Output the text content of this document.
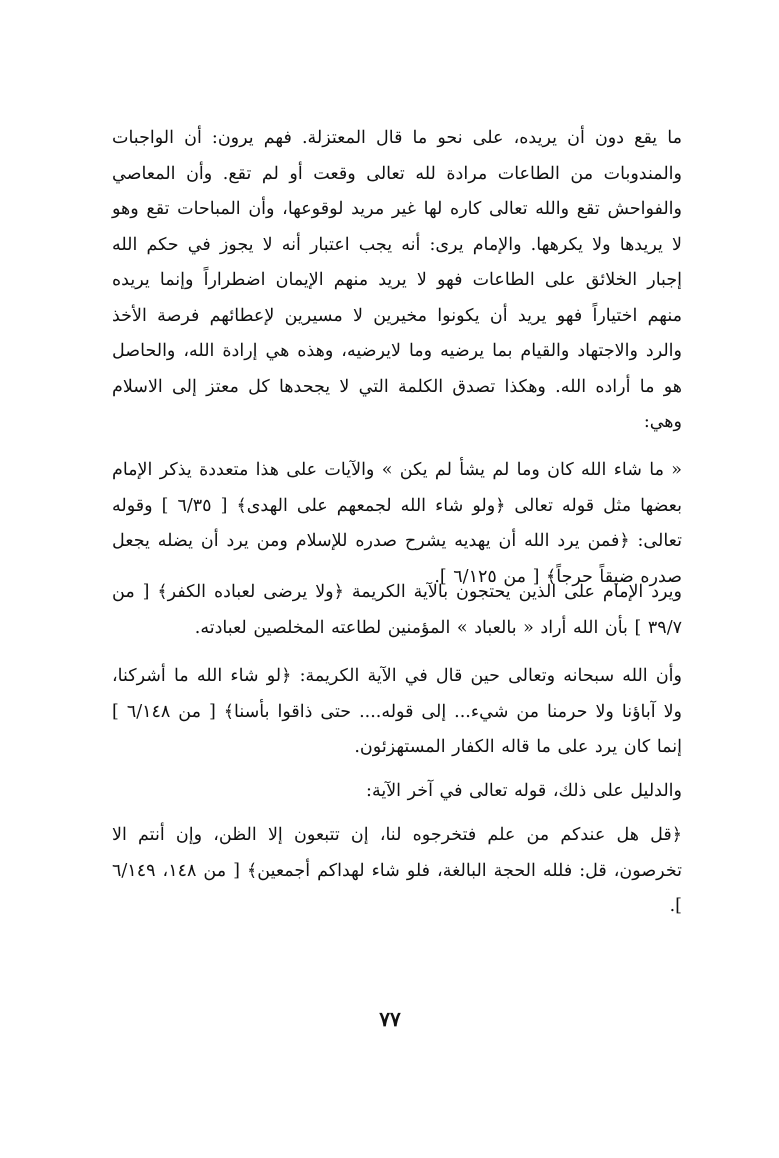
ما يقع دون أن يريده، على نحو ما قال المعتزلة. فهم يرون: أن الواجبات والمندوبات من الطاعات مرادة لله تعالى وقعت أو لم تقع. وأن المعاصي والفواحش تقع والله تعالى كاره لها غير مريد لوقوعها، وأن المباحات تقع وهو لا يريدها ولا يكرهها. والإمام يرى: أنه يجب اعتبار أنه لا يجوز في حكم الله إجبار الخلائق على الطاعات فهو لا يريد منهم الإيمان اضطراراً وإنما يريده منهم اختياراً فهو يريد أن يكونوا مخيرين لا مسيرين لإعطائهم فرصة الأخذ والرد والاجتهاد والقيام بما يرضيه وما لايرضيه، وهذه هي إرادة الله، والحاصل هو ما أراده الله. وهكذا تصدق الكلمة التي لا يجحدها كل معتز إلى الاسلام وهي:

« ما شاء الله كان وما لم يشأ لم يكن » والآيات على هذا متعددة يذكر الإمام بعضها مثل قوله تعالى ﴿ولو شاء الله لجمعهم على الهدى﴾ [ ٦/٣٥ ] وقوله تعالى: ﴿فمن يرد الله أن يهديه يشرح صدره للإسلام ومن يرد أن يضله يجعل صدره ضيقاً حرجاً﴾ [ من ٦/١٢٥ ].

ويرد الإمام على الذين يحتجون بالآية الكريمة ﴿ولا يرضى لعباده الكفر﴾ [ من ٣٩/٧ ] بأن الله أراد « بالعباد » المؤمنين لطاعته المخلصين لعبادته.

وأن الله سبحانه وتعالى حين قال في الآية الكريمة: ﴿لو شاء الله ما أشركنا، ولا آباؤنا ولا حرمنا من شيء... إلى قوله.... حتى ذاقوا بأسنا﴾ [ من ٦/١٤٨ ] إنما كان يرد على ما قاله الكفار المستهزئون.

والدليل على ذلك، قوله تعالى في آخر الآية:

﴿قل هل عندكم من علم فتخرجوه لنا، إن تتبعون إلا الظن، وإن أنتم الا تخرصون، قل: فلله الحجة البالغة، فلو شاء لهداكم أجمعين﴾ [ من ١٤٨، ٦/١٤٩ ].

٧٧
